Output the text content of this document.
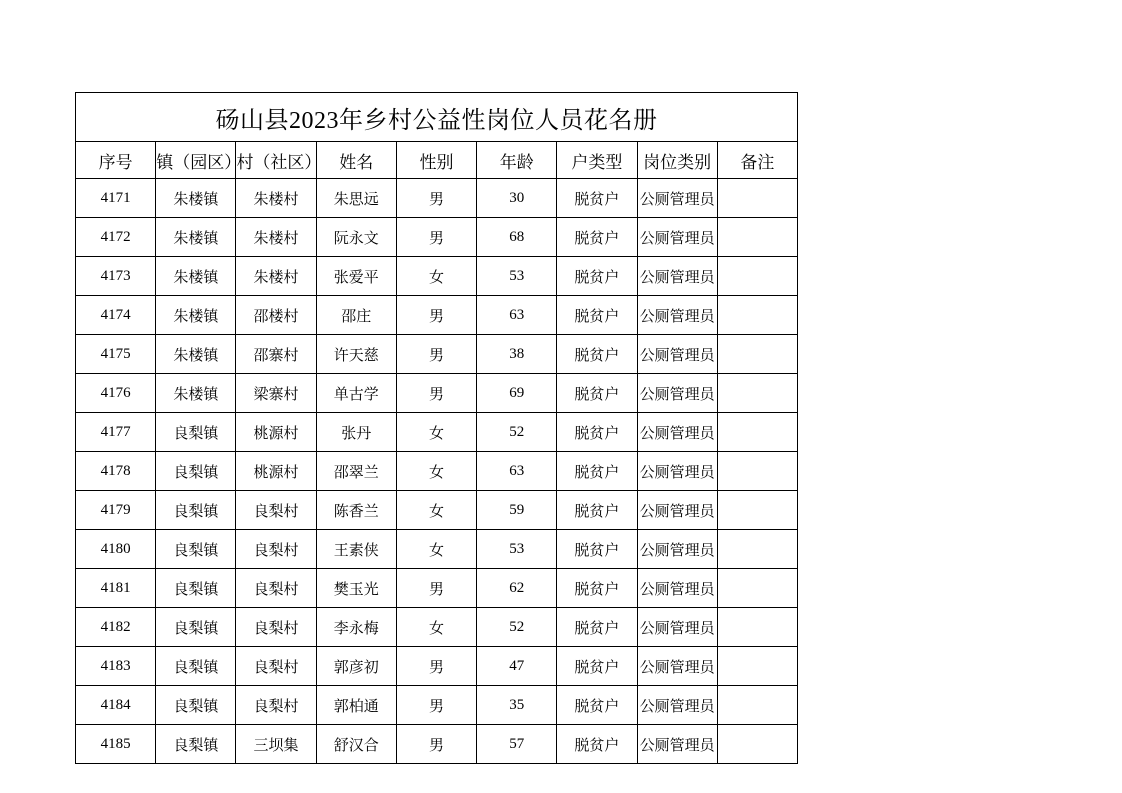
砀山县2023年乡村公益性岗位人员花名册								
序号	镇（园区）	村（社区）	姓名	性别	年龄	户类型	岗位类别	备注
4171	朱楼镇	朱楼村	朱思远	男	30	脱贫户	公厕管理员	
4172	朱楼镇	朱楼村	阮永文	男	68	脱贫户	公厕管理员	
4173	朱楼镇	朱楼村	张爱平	女	53	脱贫户	公厕管理员	
4174	朱楼镇	邵楼村	邵庄	男	63	脱贫户	公厕管理员	
4175	朱楼镇	邵寨村	许天慈	男	38	脱贫户	公厕管理员	
4176	朱楼镇	梁寨村	单古学	男	69	脱贫户	公厕管理员	
4177	良梨镇	桃源村	张丹	女	52	脱贫户	公厕管理员	
4178	良梨镇	桃源村	邵翠兰	女	63	脱贫户	公厕管理员	
4179	良梨镇	良梨村	陈香兰	女	59	脱贫户	公厕管理员	
4180	良梨镇	良梨村	王素侠	女	53	脱贫户	公厕管理员	
4181	良梨镇	良梨村	樊玉光	男	62	脱贫户	公厕管理员	
4182	良梨镇	良梨村	李永梅	女	52	脱贫户	公厕管理员	
4183	良梨镇	良梨村	郭彦初	男	47	脱贫户	公厕管理员	
4184	良梨镇	良梨村	郭柏通	男	35	脱贫户	公厕管理员	
4185	良梨镇	三坝集	舒汉合	男	57	脱贫户	公厕管理员	
